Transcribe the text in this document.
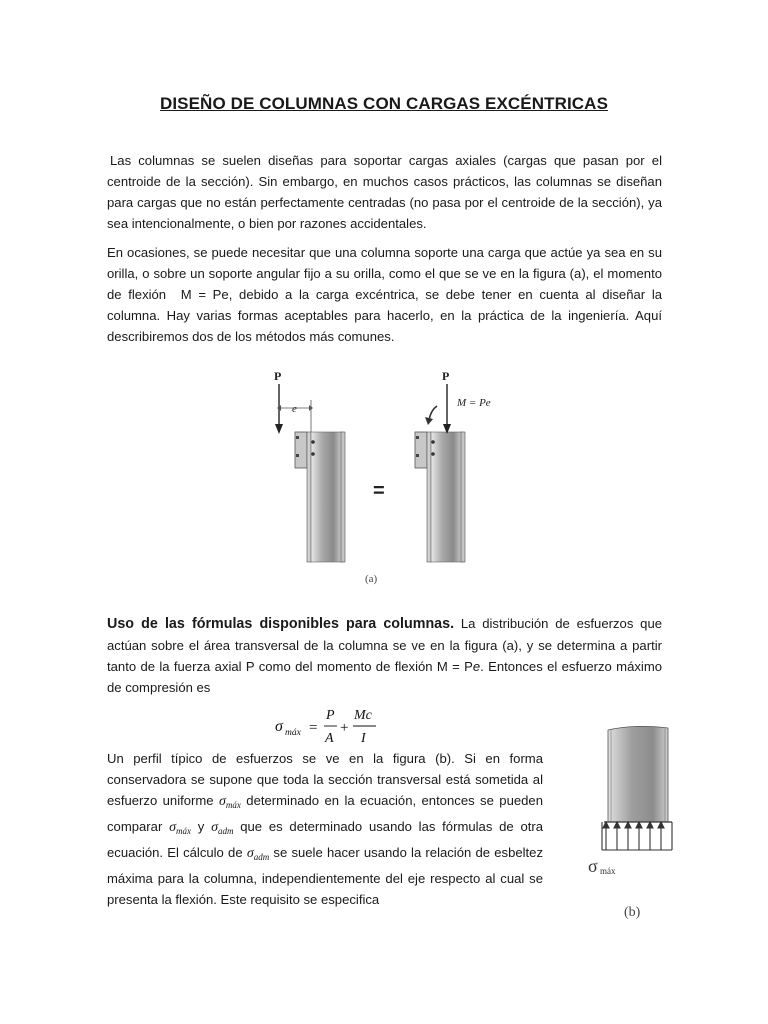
DISEÑO DE COLUMNAS CON CARGAS EXCÉNTRICAS

Las columnas se suelen diseñas para soportar cargas axiales (cargas que pasan por el centroide de la sección). Sin embargo, en muchos casos prácticos, las columnas se diseñan para cargas que no están perfectamente centradas (no pasa por el centroide de la sección), ya sea intencionalmente, o bien por razones accidentales.

En ocasiones, se puede necesitar que una columna soporte una carga que actúe ya sea en su orilla, o sobre un soporte angular fijo a su orilla, como el que se ve en la figura (a), el momento de flexión M = Pe, debido a la carga excéntrica, se debe tener en cuenta al diseñar la columna. Hay varias formas aceptables para hacerlo, en la práctica de la ingeniería. Aquí describiremos dos de los métodos más comunes.

P
e
=
P
M = Pe
(a)

Uso de las fórmulas disponibles para columnas. La distribución de esfuerzos que actúan sobre el área transversal de la columna se ve en la figura (a), y se determina a partir tanto de la fuerza axial P como del momento de flexión M = Pe. Entonces el esfuerzo máximo de compresión es

σ máx =
P
A
+
Mc
I

Un perfil típico de esfuerzos se ve en la figura (b). Si en forma conservadora se supone que toda la sección transversal está sometida al esfuerzo uniforme $\sigma_{máx}$ determinado en la ecuación, entonces se pueden comparar $\sigma_{máx}$ y $\sigma_{adm}$ que es determinado usando las fórmulas de otra ecuación. El cálculo de $\sigma_{adm}$ se suele hacer usando la relación de esbeltez máxima para la columna, independientemente del eje respecto al cual se presenta la flexión. Este requisito se especifica

σ máx
(b)
